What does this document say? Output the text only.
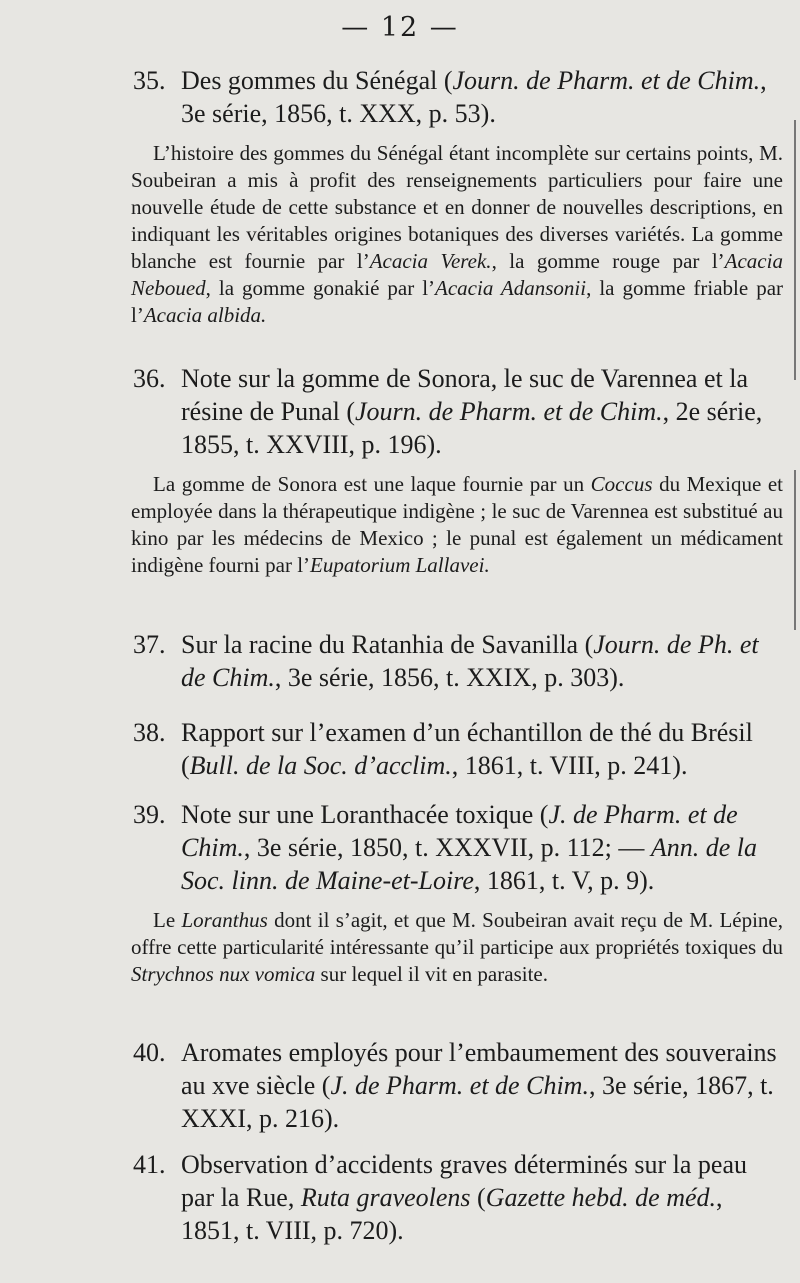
— 12 —
35. Des gommes du Sénégal (Journ. de Pharm. et de Chim., 3e série, 1856, t. XXX, p. 53).
L’histoire des gommes du Sénégal étant incomplète sur certains points, M. Soubeiran a mis à profit des renseignements particuliers pour faire une nouvelle étude de cette substance et en donner de nouvelles descriptions, en indiquant les véritables origines botaniques des diverses variétés. La gomme blanche est fournie par l’Acacia Verek., la gomme rouge par l’Acacia Neboued, la gomme gonakié par l’Acacia Adansonii, la gomme friable par l’Acacia albida.
36. Note sur la gomme de Sonora, le suc de Varennea et la résine de Punal (Journ. de Pharm. et de Chim., 2e série, 1855, t. XXVIII, p. 196).
La gomme de Sonora est une laque fournie par un Coccus du Mexique et employée dans la thérapeutique indigène ; le suc de Varennea est substitué au kino par les médecins de Mexico ; le punal est également un médicament indigène fourni par l’Eupatorium Lallavei.
37. Sur la racine du Ratanhia de Savanilla (Journ. de Ph. et de Chim., 3e série, 1856, t. XXIX, p. 303).
38. Rapport sur l’examen d’un échantillon de thé du Brésil (Bull. de la Soc. d’acclim., 1861, t. VIII, p. 241).
39. Note sur une Loranthacée toxique (J. de Pharm. et de Chim., 3e série, 1850, t. XXXVII, p. 112; — Ann. de la Soc. linn. de Maine-et-Loire, 1861, t. V, p. 9).
Le Loranthus dont il s’agit, et que M. Soubeiran avait reçu de M. Lépine, offre cette particularité intéressante qu’il participe aux propriétés toxiques du Strychnos nux vomica sur lequel il vit en parasite.
40. Aromates employés pour l’embaumement des souverains au xve siècle (J. de Pharm. et de Chim., 3e série, 1867, t. XXXI, p. 216).
41. Observation d’accidents graves déterminés sur la peau par la Rue, Ruta graveolens (Gazette hebd. de méd., 1851, t. VIII, p. 720).
